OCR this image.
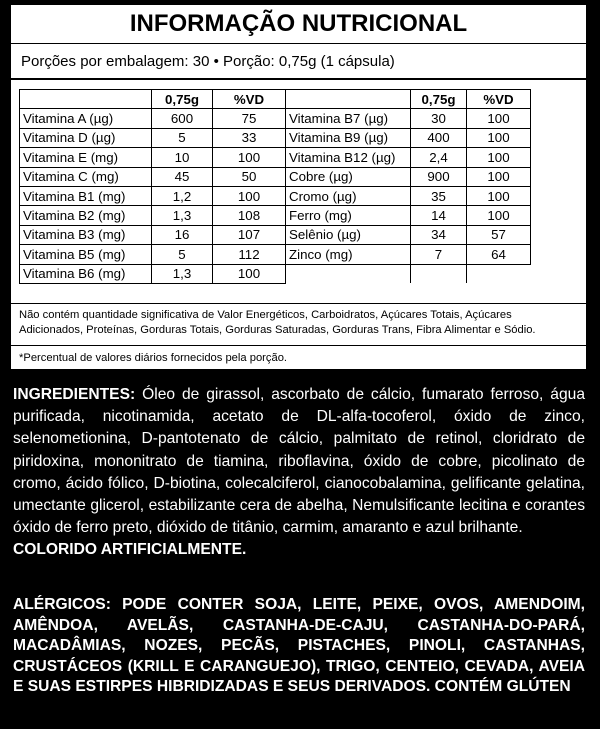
INFORMAÇÃO NUTRICIONAL
Porções por embalagem: 30 • Porção: 0,75g (1 cápsula)
	0,75g	%VD		0,75g	%VD
Vitamina A (µg)	600	75	Vitamina B7 (µg)	30	100
Vitamina D (µg)	5	33	Vitamina B9 (µg)	400	100
Vitamina E (mg)	10	100	Vitamina B12 (µg)	2,4	100
Vitamina C (mg)	45	50	Cobre (µg)	900	100
Vitamina B1 (mg)	1,2	100	Cromo (µg)	35	100
Vitamina B2 (mg)	1,3	108	Ferro (mg)	14	100
Vitamina B3 (mg)	16	107	Selênio (µg)	34	57
Vitamina B5 (mg)	5	112	Zinco (mg)	7	64
Vitamina B6 (mg)	1,3	100			
Não contém quantidade significativa de Valor Energéticos, Carboidratos, Açúcares Totais, Açúcares Adicionados, Proteínas, Gorduras Totais, Gorduras Saturadas, Gorduras Trans, Fibra Alimentar e Sódio.
*Percentual de valores diários fornecidos pela porção.
INGREDIENTES: Óleo de girassol, ascorbato de cálcio, fumarato ferroso, água purificada, nicotinamida, acetato de DL-alfa-tocoferol, óxido de zinco, selenometionina, D-pantotenato de cálcio, palmitato de retinol, cloridrato de piridoxina, mononitrato de tiamina, riboflavina, óxido de cobre, picolinato de cromo, ácido fólico, D-biotina, colecalciferol, cianocobalamina, gelificante gelatina, umectante glicerol, estabilizante cera de abelha, Nemulsificante lecitina e corantes óxido de ferro preto, dióxido de titânio, carmim, amaranto e azul brilhante.
COLORIDO ARTIFICIALMENTE.
ALÉRGICOS: PODE CONTER SOJA, LEITE, PEIXE, OVOS, AMENDOIM, AMÊNDOA, AVELÃS, CASTANHA-DE-CAJU, CASTANHA-DO-PARÁ, MACADÂMIAS, NOZES, PECÃS, PISTACHES, PINOLI, CASTANHAS, CRUSTÁCEOS (KRILL E CARANGUEJO), TRIGO, CENTEIO, CEVADA, AVEIA E SUAS ESTIRPES HIBRIDIZADAS E SEUS DERIVADOS. CONTÉM GLÚTEN
